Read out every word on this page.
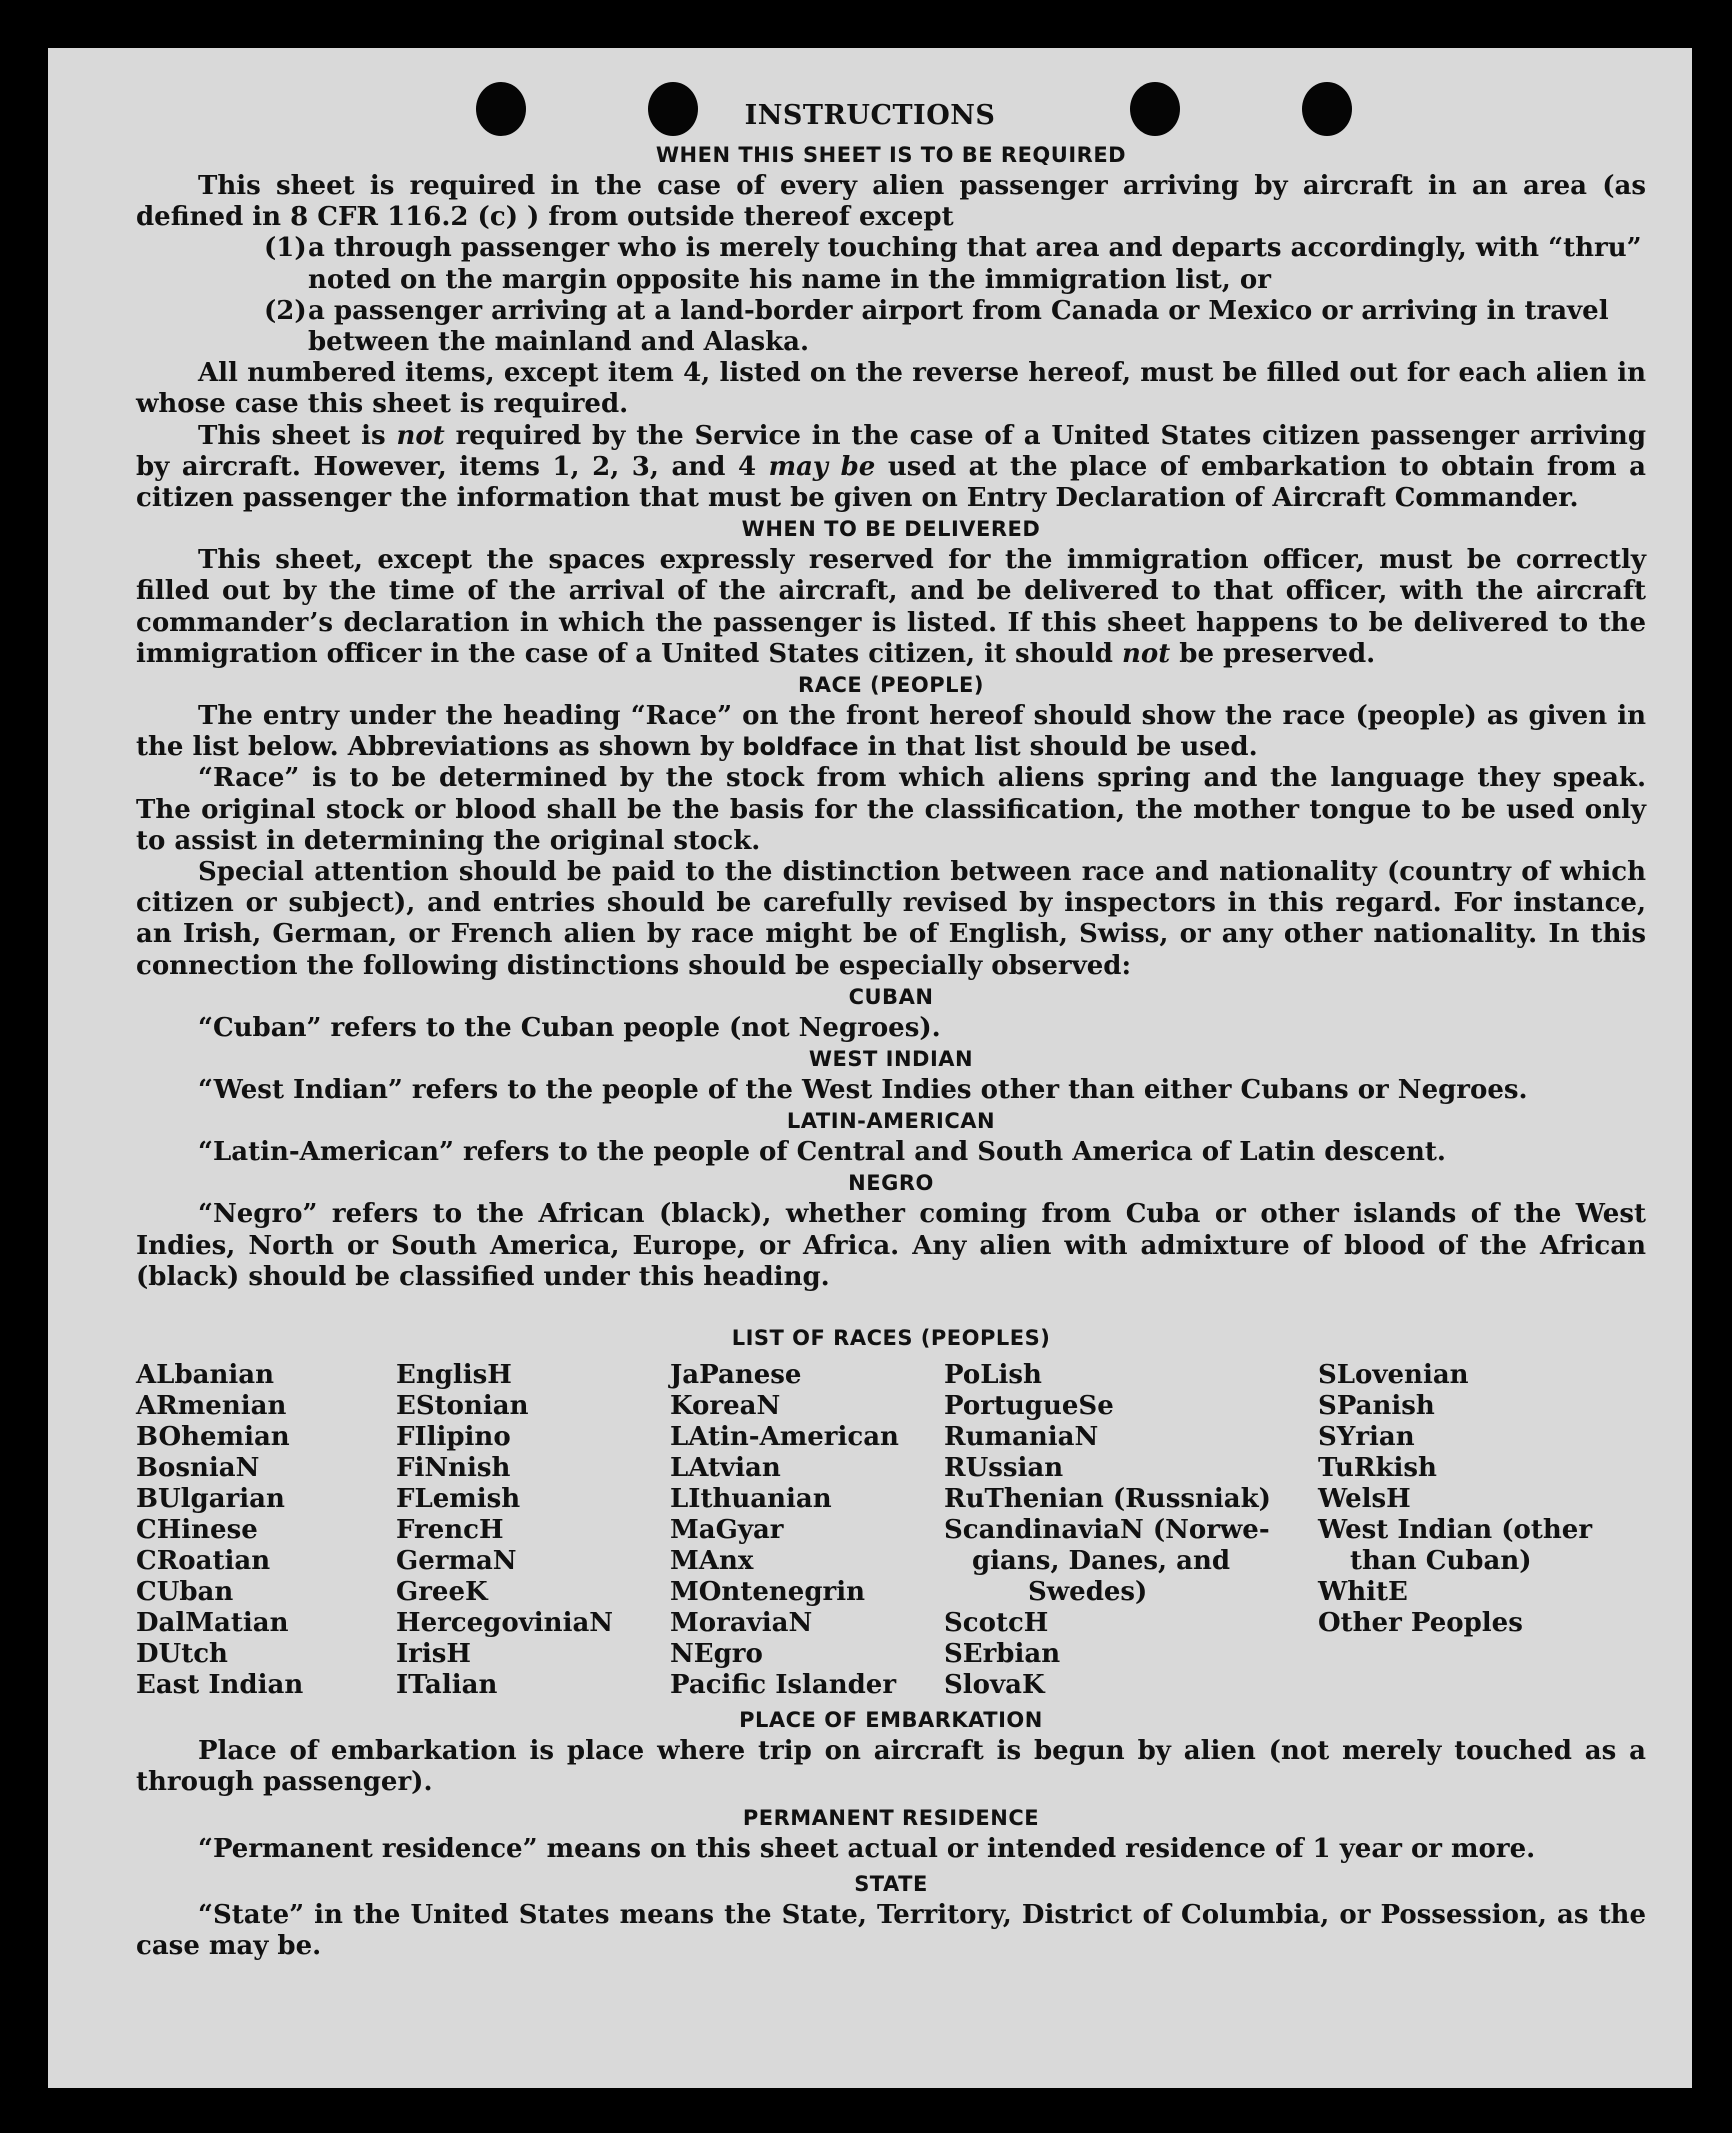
INSTRUCTIONS
WHEN THIS SHEET IS TO BE REQUIRED

This sheet is required in the case of every alien passenger arriving by aircraft in an area (as defined in 8 CFR 116.2 (c) ) from outside thereof except

(1) a through passenger who is merely touching that area and departs accordingly, with “thru” noted on the margin opposite his name in the immigration list, or
(2) a passenger arriving at a land-border airport from Canada or Mexico or arriving in travel between the mainland and Alaska.

All numbered items, except item 4, listed on the reverse hereof, must be filled out for each alien in whose case this sheet is required.

This sheet is not required by the Service in the case of a United States citizen passenger arriving by aircraft. However, items 1, 2, 3, and 4 may be used at the place of embarkation to obtain from a citizen passenger the information that must be given on Entry Declaration of Aircraft Commander.

WHEN TO BE DELIVERED

This sheet, except the spaces expressly reserved for the immigration officer, must be correctly filled out by the time of the arrival of the aircraft, and be delivered to that officer, with the aircraft commander’s declaration in which the passenger is listed. If this sheet happens to be delivered to the immigration officer in the case of a United States citizen, it should not be preserved.

RACE (PEOPLE)

The entry under the heading “Race” on the front hereof should show the race (people) as given in the list below. Abbreviations as shown by boldface in that list should be used.

“Race” is to be determined by the stock from which aliens spring and the language they speak. The original stock or blood shall be the basis for the classification, the mother tongue to be used only to assist in determining the original stock.

Special attention should be paid to the distinction between race and nationality (country of which citizen or subject), and entries should be carefully revised by inspectors in this regard. For instance, an Irish, German, or French alien by race might be of English, Swiss, or any other nationality. In this connection the following distinctions should be especially observed:

CUBAN

“Cuban” refers to the Cuban people (not Negroes).

WEST INDIAN

“West Indian” refers to the people of the West Indies other than either Cubans or Negroes.

LATIN-AMERICAN

“Latin-American” refers to the people of Central and South America of Latin descent.

NEGRO

“Negro” refers to the African (black), whether coming from Cuba or other islands of the West Indies, North or South America, Europe, or Africa. Any alien with admixture of blood of the African (black) should be classified under this heading.

LIST OF RACES (PEOPLES)
ALbanian
ARmenian
BOhemian
BosniaN
BUlgarian
CHinese
CRoatian
CUban
DalMatian
DUtch
East Indian
EnglisH
EStonian
FIlipino
FiNnish
FLemish
FrencH
GermaN
GreeK
HercegoviniaN
IrisH
ITalian
JaPanese
KoreaN
LAtin-American
LAtvian
LIthuanian
MaGyar
MAnx
MOntenegrin
MoraviaN
NEgro
Pacific Islander
PoLish
PortugueSe
RumaniaN
RUssian
RuThenian (Russniak)
ScandinaviaN (Norwe-
gians, Danes, and
Swedes)
ScotcH
SErbian
SlovaK
SLovenian
SPanish
SYrian
TuRkish
WelsH
West Indian (other
than Cuban)
WhitE
Other Peoples
PLACE OF EMBARKATION

Place of embarkation is place where trip on aircraft is begun by alien (not merely touched as a through passenger).

PERMANENT RESIDENCE

“Permanent residence” means on this sheet actual or intended residence of 1 year or more.

STATE

“State” in the United States means the State, Territory, District of Columbia, or Possession, as the case may be.
